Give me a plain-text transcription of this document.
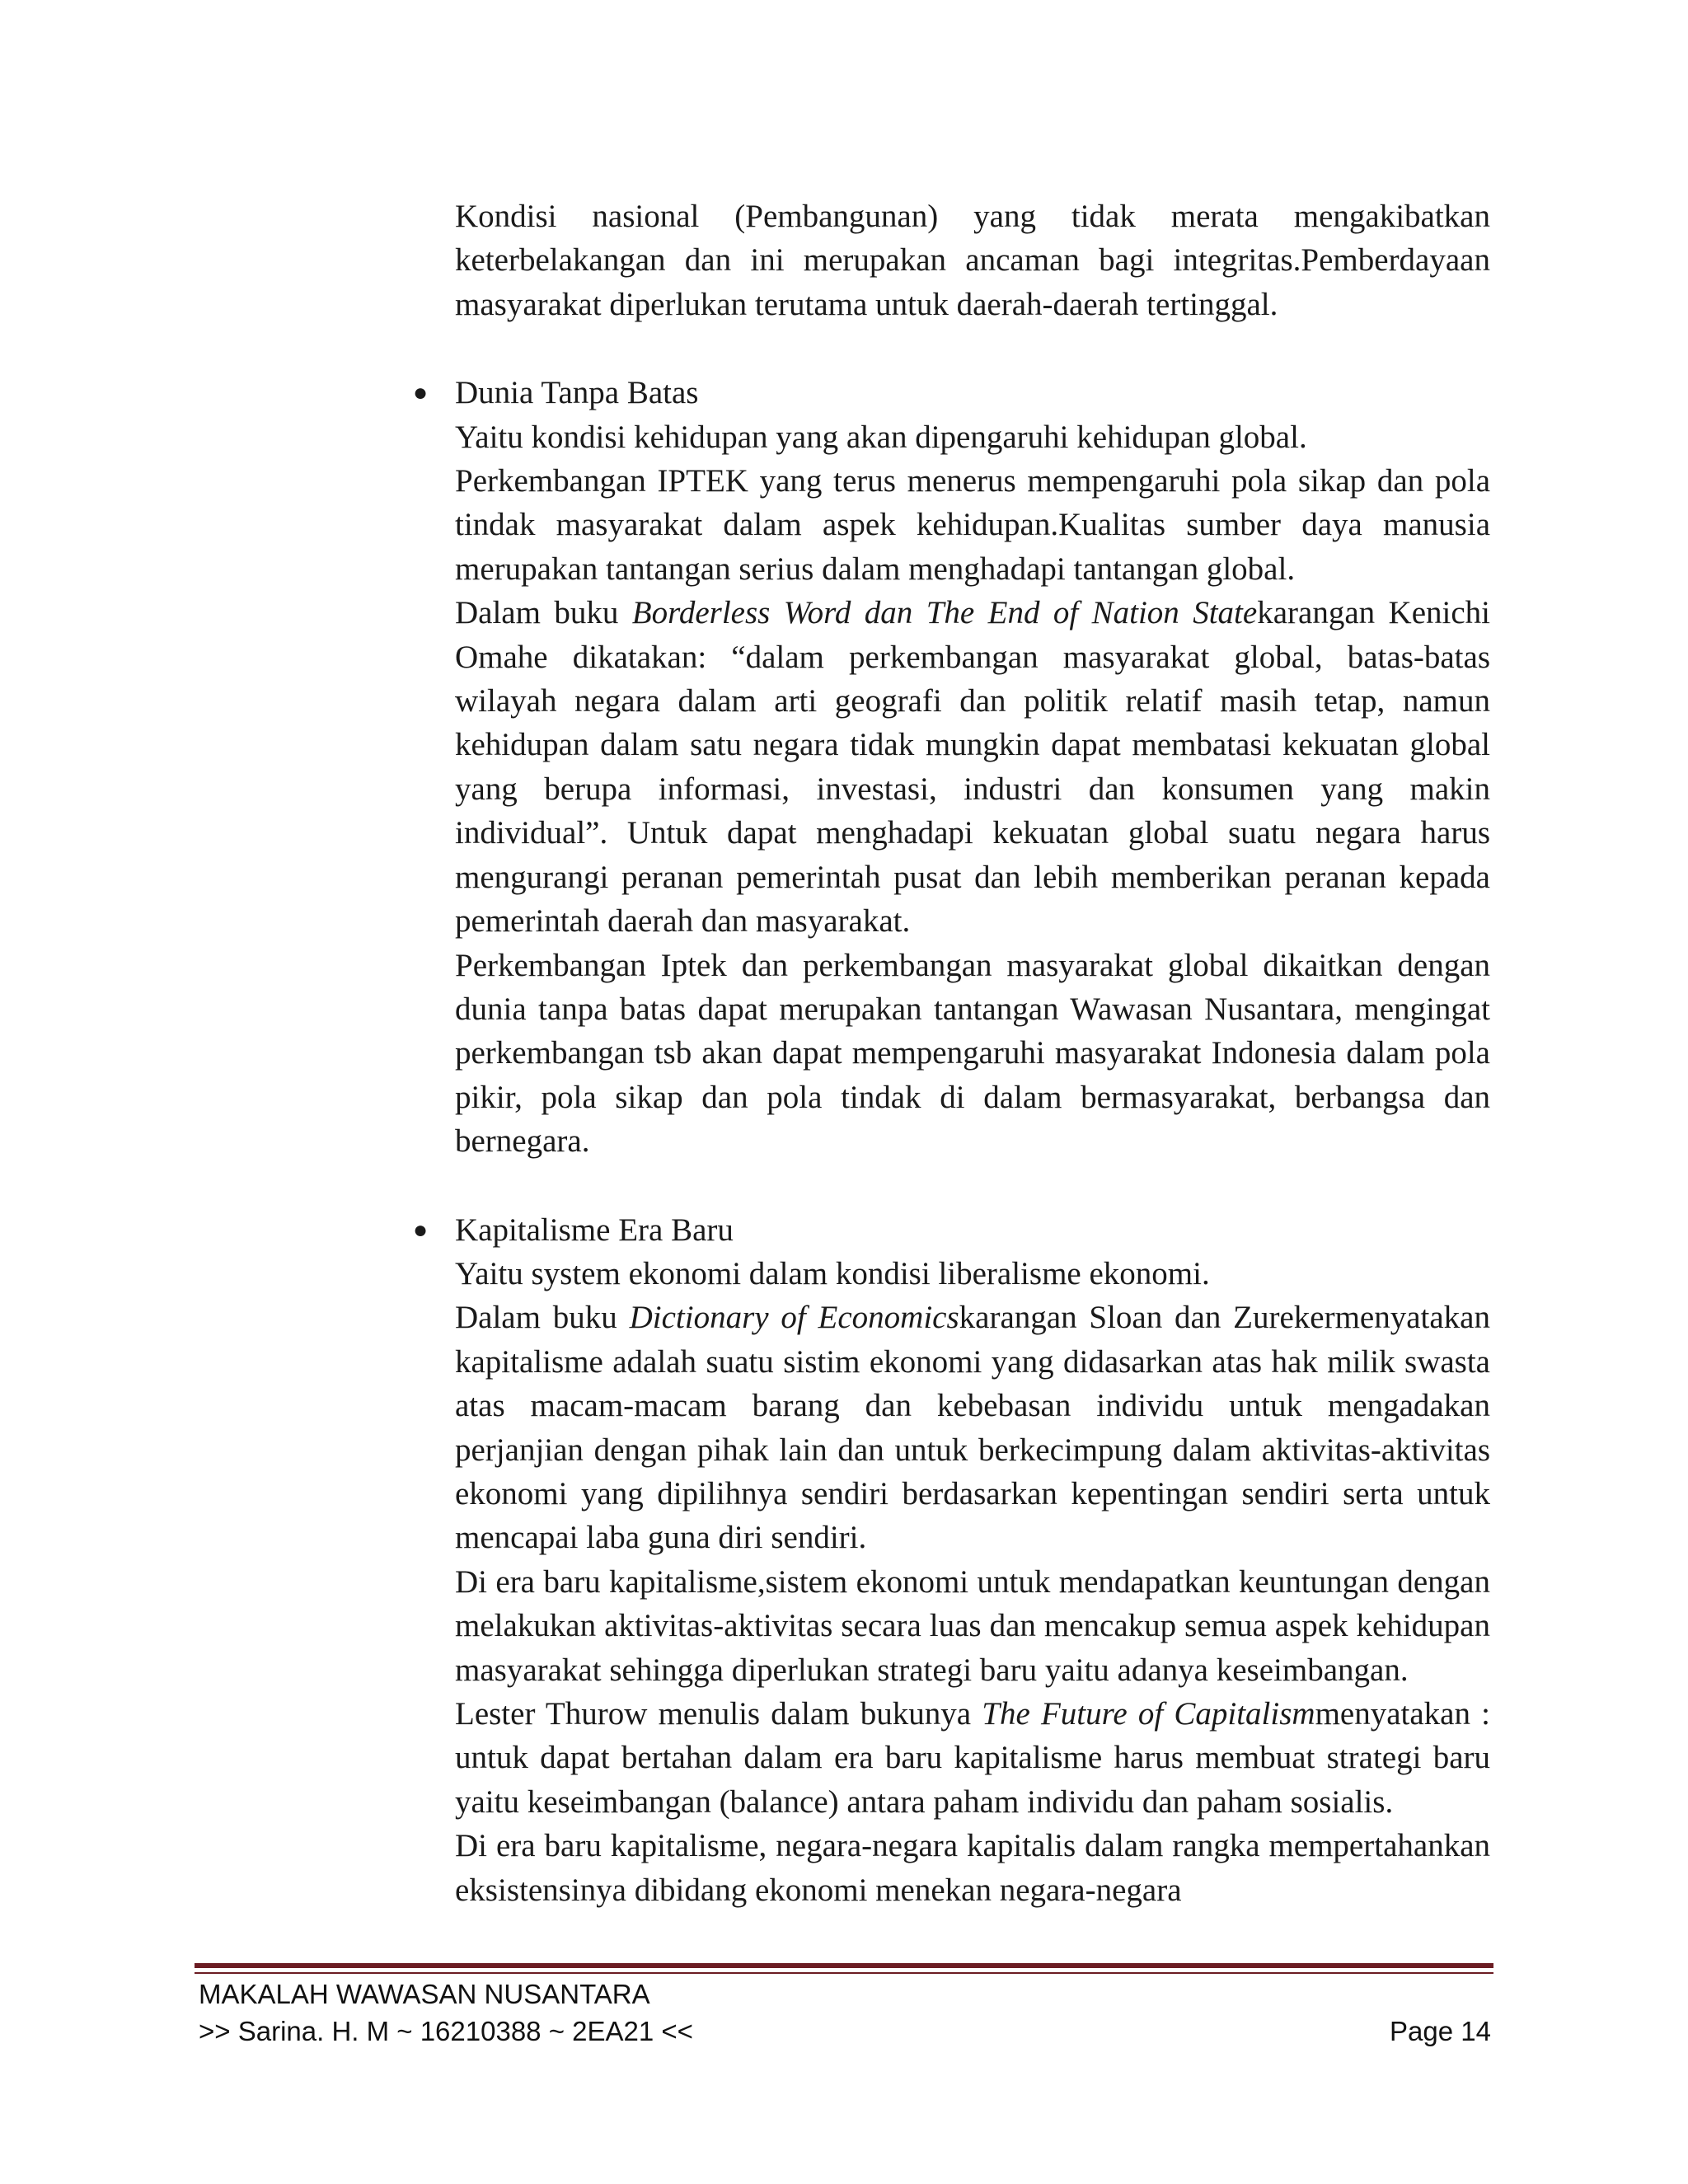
Kondisi nasional (Pembangunan) yang tidak merata mengakibatkan keterbelakangan dan ini merupakan ancaman bagi integritas.Pemberdayaan masyarakat diperlukan terutama untuk daerah-daerah tertinggal.

● Dunia Tanpa Batas

Yaitu kondisi kehidupan yang akan dipengaruhi kehidupan global.

Perkembangan IPTEK yang terus menerus mempengaruhi pola sikap dan pola tindak masyarakat dalam aspek kehidupan.Kualitas sumber daya manusia merupakan tantangan serius dalam menghadapi tantangan global.

Dalam buku Borderless Word dan The End of Nation Statekarangan Kenichi Omahe dikatakan: “dalam perkembangan masyarakat global, batas-batas wilayah negara dalam arti geografi dan politik relatif masih tetap, namun kehidupan dalam satu negara tidak mungkin dapat membatasi kekuatan global yang berupa informasi, investasi, industri dan konsumen yang makin individual”. Untuk dapat menghadapi kekuatan global suatu negara harus mengurangi peranan pemerintah pusat dan lebih memberikan peranan kepada pemerintah daerah dan masyarakat.

Perkembangan Iptek dan perkembangan masyarakat global dikaitkan dengan dunia tanpa batas dapat merupakan tantangan Wawasan Nusantara, mengingat perkembangan tsb akan dapat mempengaruhi masyarakat Indonesia dalam pola pikir, pola sikap dan pola tindak di dalam bermasyarakat, berbangsa dan bernegara.

● Kapitalisme Era Baru

Yaitu system ekonomi dalam kondisi liberalisme ekonomi.

Dalam buku Dictionary of Economicskarangan Sloan dan Zurekermenyatakan kapitalisme adalah suatu sistim ekonomi yang didasarkan atas hak milik swasta atas macam-macam barang dan kebebasan individu untuk mengadakan perjanjian dengan pihak lain dan untuk berkecimpung dalam aktivitas-aktivitas ekonomi yang dipilihnya sendiri berdasarkan kepentingan sendiri serta untuk mencapai laba guna diri sendiri.

Di era baru kapitalisme,sistem ekonomi untuk mendapatkan keuntungan dengan melakukan aktivitas-aktivitas secara luas dan mencakup semua aspek kehidupan masyarakat sehingga diperlukan strategi baru yaitu adanya keseimbangan.

Lester Thurow menulis dalam bukunya The Future of Capitalismmenyatakan : untuk dapat bertahan dalam era baru kapitalisme harus membuat strategi baru yaitu keseimbangan (balance) antara paham individu dan paham sosialis.

Di era baru kapitalisme, negara-negara kapitalis dalam rangka mempertahankan eksistensinya dibidang ekonomi menekan negara-negara

MAKALAH WAWASAN NUSANTARA
>> Sarina. H. M ~ 16210388 ~ 2EA21 <<	Page 14
